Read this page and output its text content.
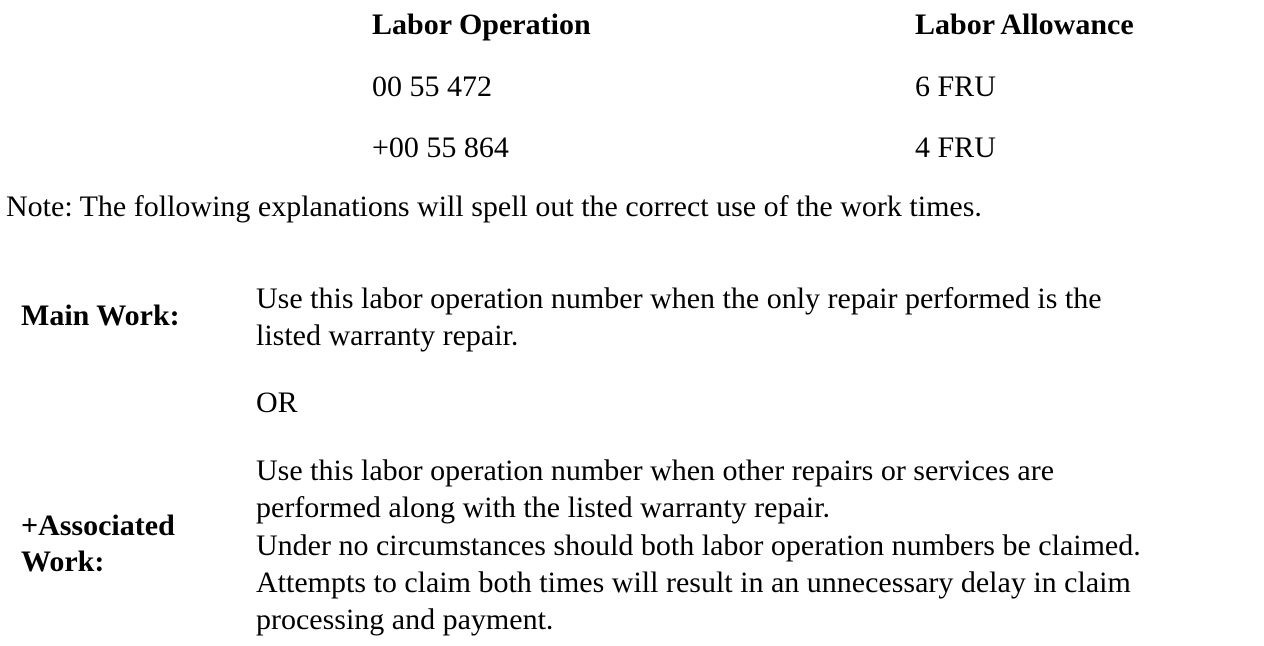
Labor Operation	Labor Allowance
00 55 472	6 FRU
+00 55 864	4 FRU
Note: The following explanations will spell out the correct use of the work times.
Main Work:
Use this labor operation number when the only repair performed is the
listed warranty repair.
OR
+Associated
Work:
Use this labor operation number when other repairs or services are
performed along with the listed warranty repair.
Under no circumstances should both labor operation numbers be claimed.
Attempts to claim both times will result in an unnecessary delay in claim
processing and payment.
